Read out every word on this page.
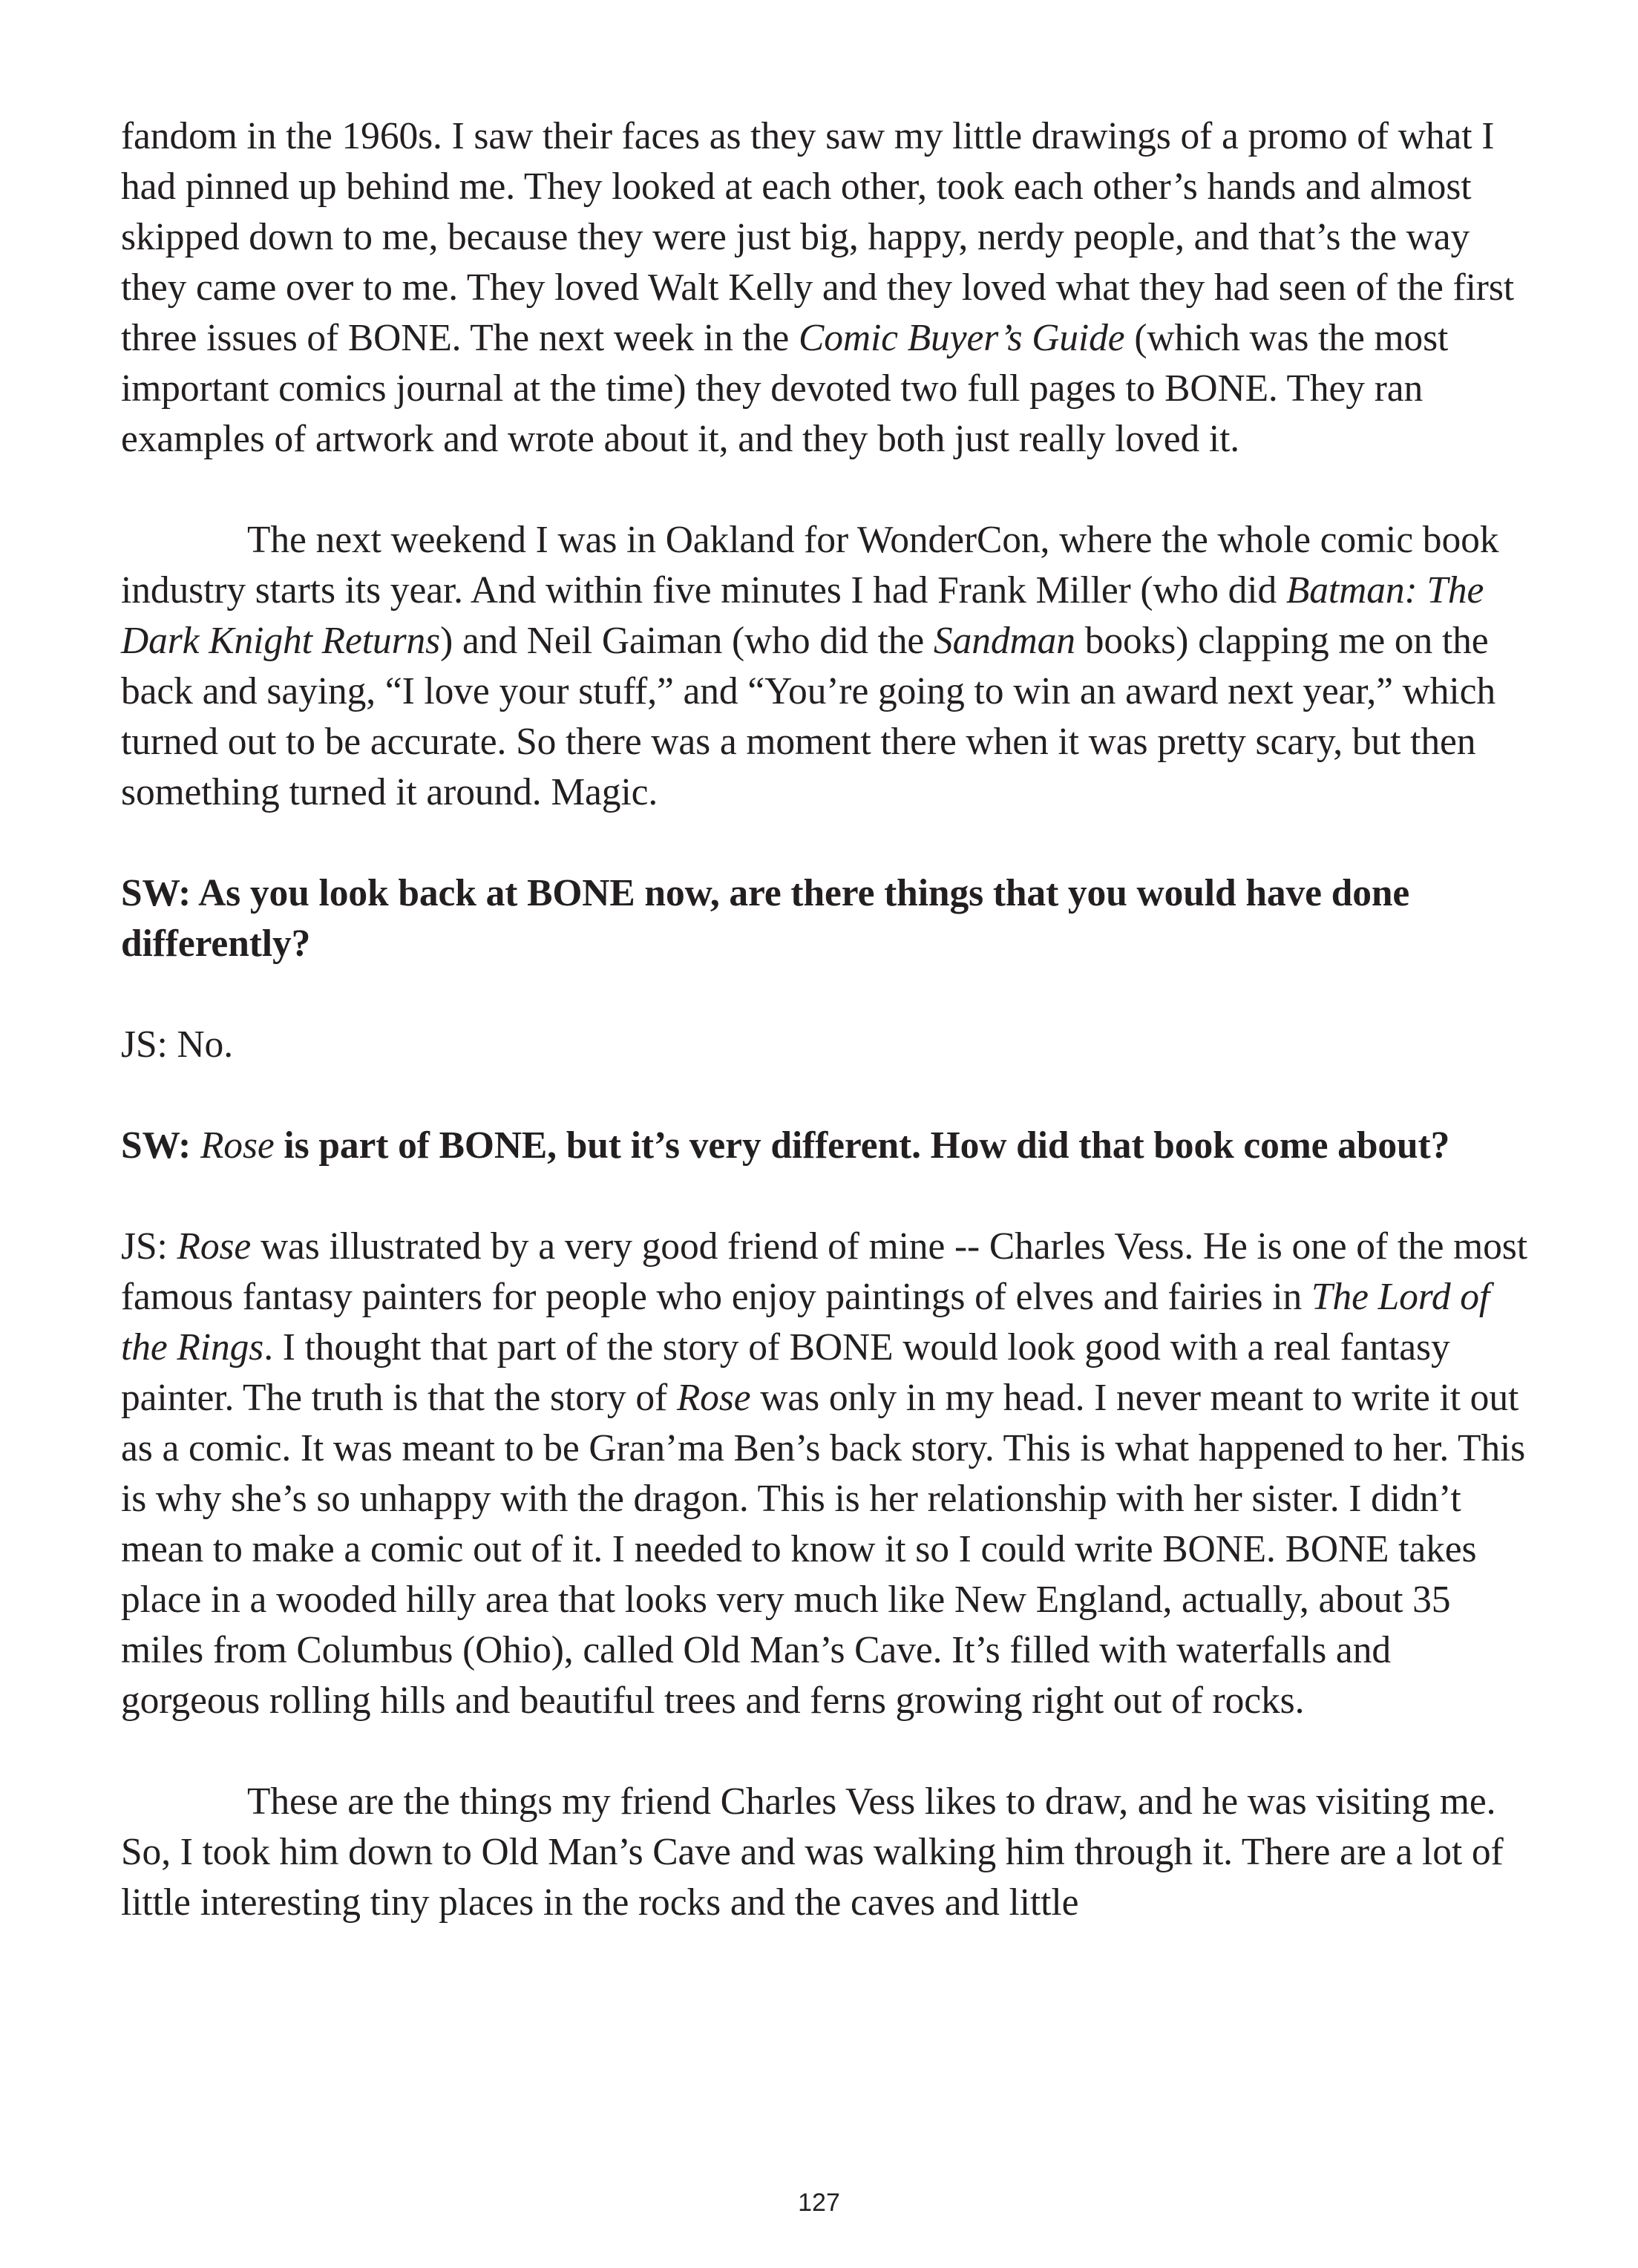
fandom in the 1960s. I saw their faces as they saw my little drawings of a promo of what I had pinned up behind me. They looked at each other, took each other’s hands and almost skipped down to me, because they were just big, happy, nerdy people, and that’s the way they came over to me. They loved Walt Kelly and they loved what they had seen of the first three issues of BONE. The next week in the Comic Buyer’s Guide (which was the most important comics journal at the time) they devoted two full pages to BONE. They ran examples of artwork and wrote about it, and they both just really loved it.

The next weekend I was in Oakland for WonderCon, where the whole comic book industry starts its year. And within five minutes I had Frank Miller (who did Batman: The Dark Knight Returns) and Neil Gaiman (who did the Sandman books) clapping me on the back and saying, “I love your stuff,” and “You’re going to win an award next year,” which turned out to be accurate. So there was a moment there when it was pretty scary, but then something turned it around. Magic.

SW: As you look back at BONE now, are there things that you would have done differently?

JS: No.

SW: Rose is part of BONE, but it’s very different. How did that book come about?

JS: Rose was illustrated by a very good friend of mine -- Charles Vess. He is one of the most famous fantasy painters for people who enjoy paintings of elves and fairies in The Lord of the Rings. I thought that part of the story of BONE would look good with a real fantasy painter. The truth is that the story of Rose was only in my head. I never meant to write it out as a comic. It was meant to be Gran’ma Ben’s back story. This is what happened to her. This is why she’s so unhappy with the dragon. This is her relationship with her sister. I didn’t mean to make a comic out of it. I needed to know it so I could write BONE. BONE takes place in a wooded hilly area that looks very much like New England, actually, about 35 miles from Columbus (Ohio), called Old Man’s Cave. It’s filled with waterfalls and gorgeous rolling hills and beautiful trees and ferns growing right out of rocks.

These are the things my friend Charles Vess likes to draw, and he was visiting me. So, I took him down to Old Man’s Cave and was walking him through it. There are a lot of little interesting tiny places in the rocks and the caves and little

127
